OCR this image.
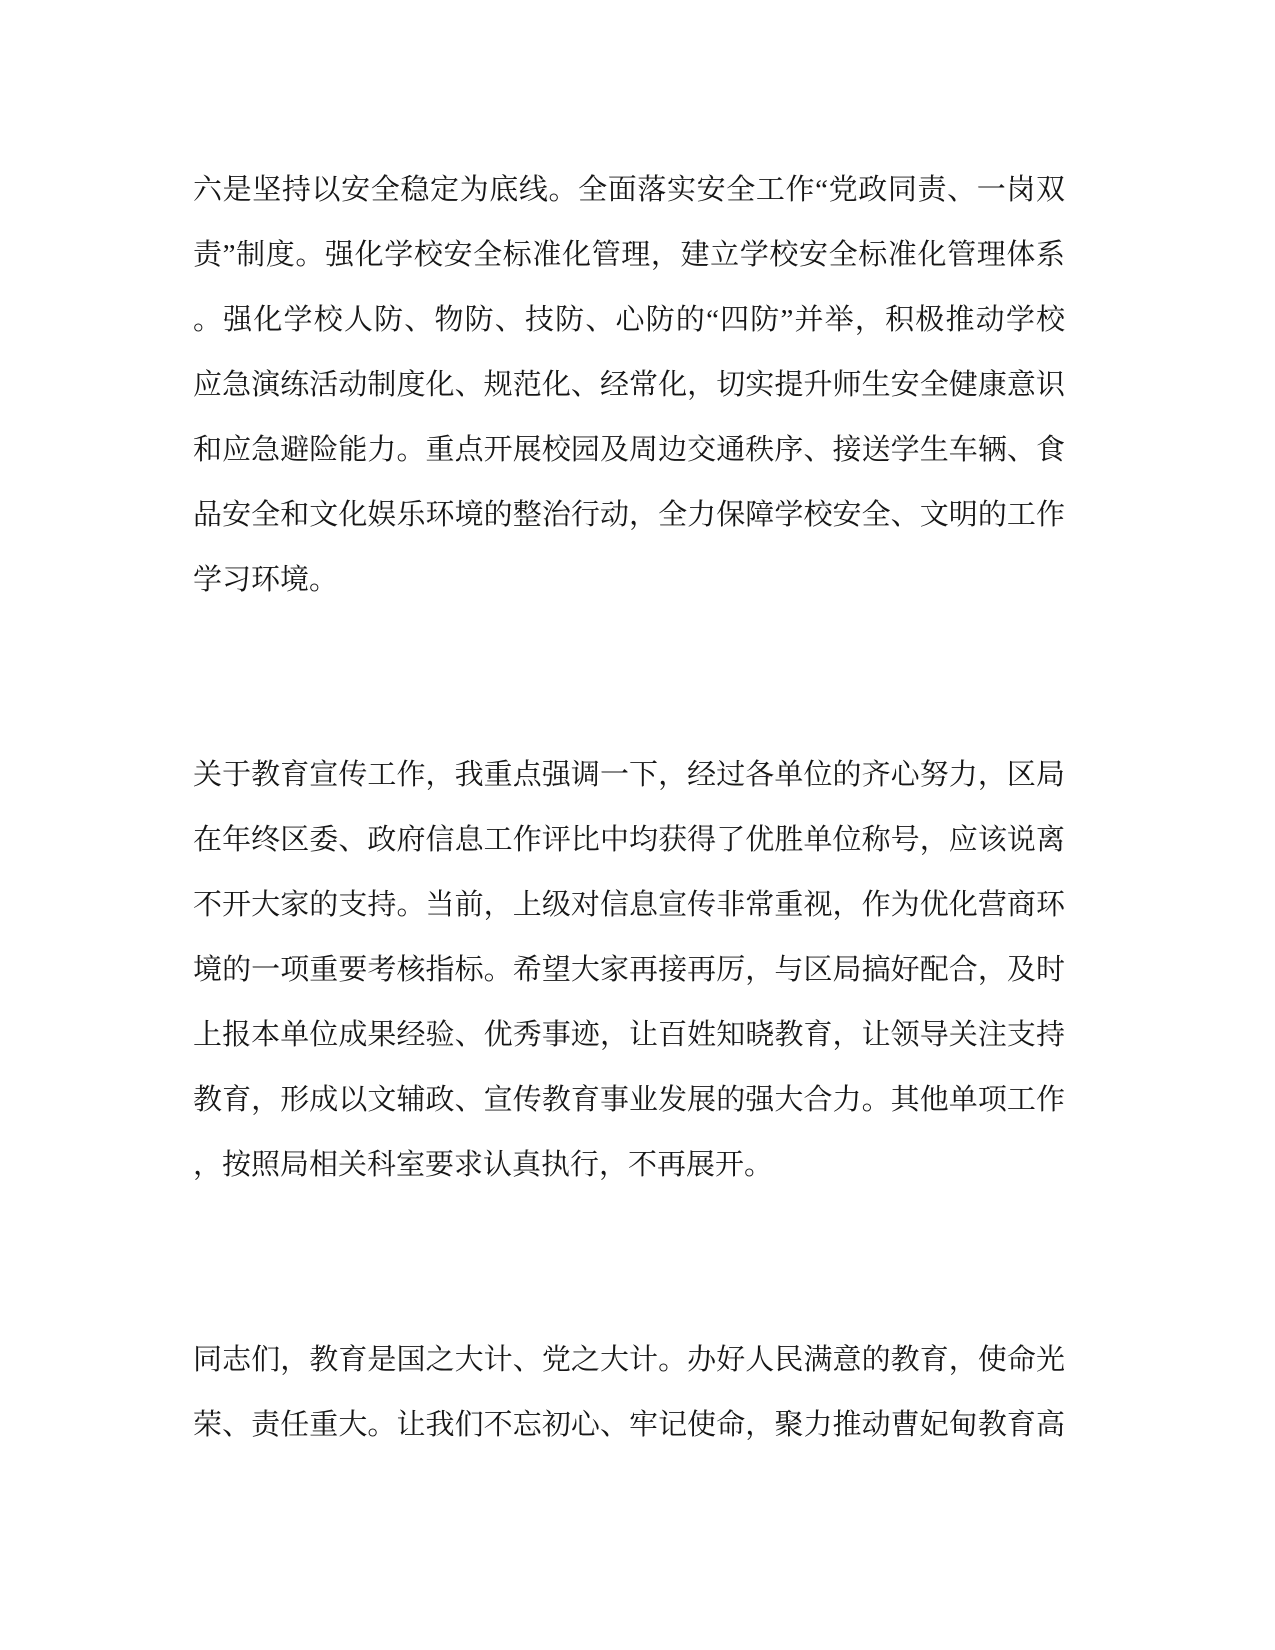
六是坚持以安全稳定为底线。全面落实安全工作“党政同责、一岗双
责”制度。强化学校安全标准化管理，建立学校安全标准化管理体系
。强化学校人防、物防、技防、心防的“四防”并举，积极推动学校
应急演练活动制度化、规范化、经常化，切实提升师生安全健康意识
和应急避险能力。重点开展校园及周边交通秩序、接送学生车辆、食
品安全和文化娱乐环境的整治行动，全力保障学校安全、文明的工作
学习环境。
关于教育宣传工作，我重点强调一下，经过各单位的齐心努力，区局
在年终区委、政府信息工作评比中均获得了优胜单位称号，应该说离
不开大家的支持。当前，上级对信息宣传非常重视，作为优化营商环
境的一项重要考核指标。希望大家再接再厉，与区局搞好配合，及时
上报本单位成果经验、优秀事迹，让百姓知晓教育，让领导关注支持
教育，形成以文辅政、宣传教育事业发展的强大合力。其他单项工作
，按照局相关科室要求认真执行，不再展开。
同志们，教育是国之大计、党之大计。办好人民满意的教育，使命光
荣、责任重大。让我们不忘初心、牢记使命，聚力推动曹妃甸教育高
